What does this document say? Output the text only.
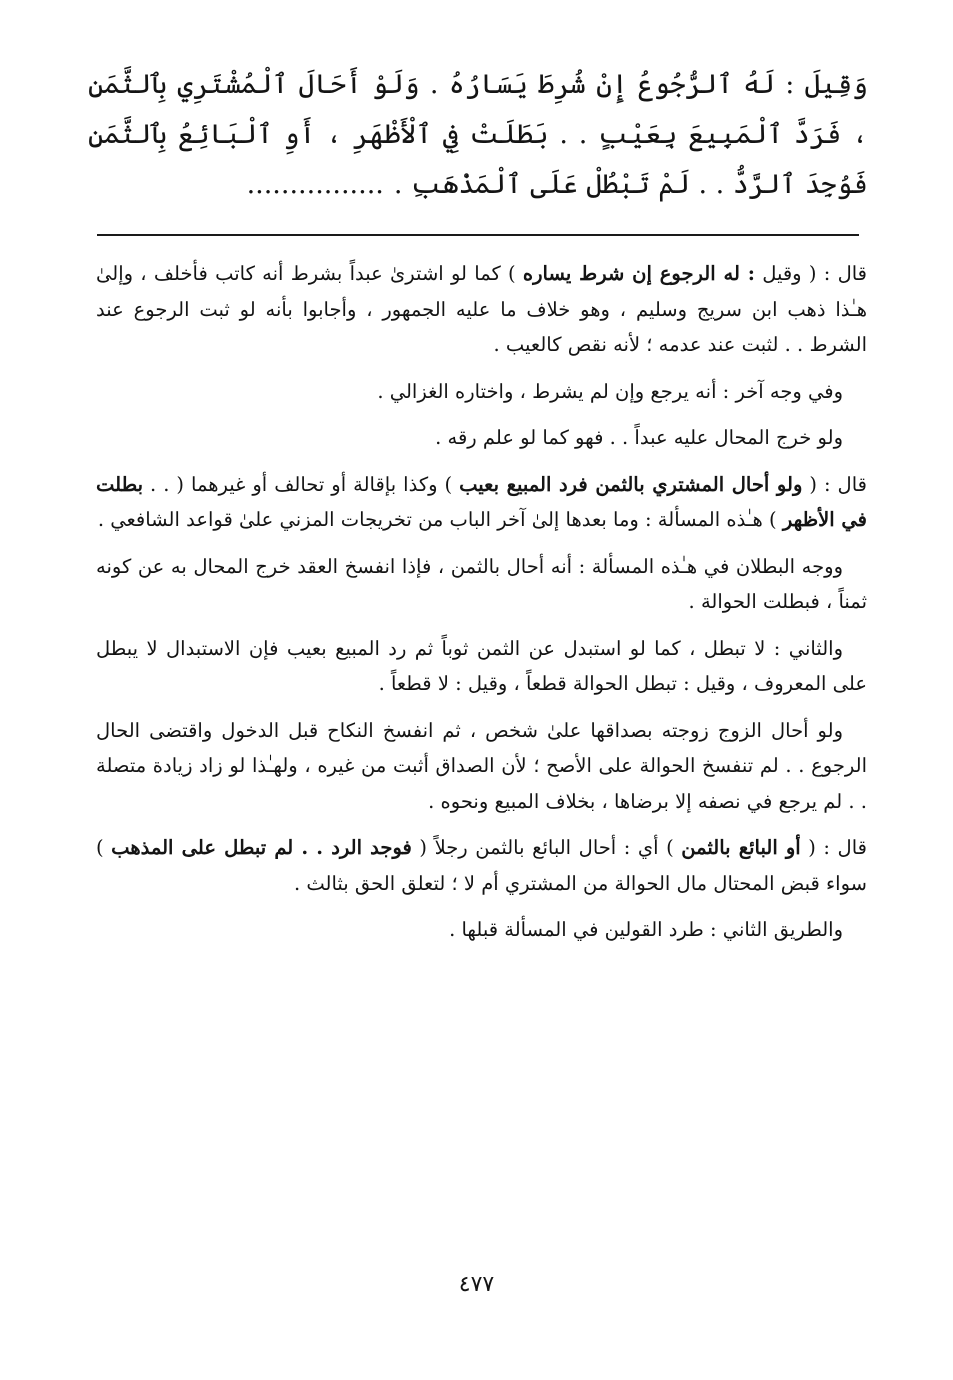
وَقِيلَ : لَهُ ٱلرُّجُوعُ إِنْ شُرِطَ يَسَارُهُ . وَلَوْ أَحَالَ ٱلْمُشْتَرِي بِٱلثَّمَنِ ، فَرَدَّ ٱلْمَبِيعَ بِعَيْبٍ . . بَطَلَتْ فِي ٱلْأَظْهَرِ ، أَوِ ٱلْبَائِعُ بِٱلثَّمَنِ فَوُجِدَ ٱلرَّدُّ . . لَمْ تَبْطُلْ عَلَى ٱلْمَذْهَبِ .................

قال : ( وقيل : له الرجوع إن شرط يساره ) كما لو اشترىٰ عبداً بشرط أنه كاتب فأخلف ، وإلىٰ هـٰذا ذهب ابن سريج وسليم ، وهو خلاف ما عليه الجمهور ، وأجابوا بأنه لو ثبت الرجوع عند الشرط . . لثبت عند عدمه ؛ لأنه نقص كالعيب .

وفي وجه آخر : أنه يرجع وإن لم يشرط ، واختاره الغزالي .

ولو خرج المحال عليه عبداً . . فهو كما لو علم رقه .

قال : ( ولو أحال المشتري بالثمن فرد المبيع بعيب ) وكذا بإقالة أو تحالف أو غيرهما ( . . بطلت في الأظهر ) هـٰذه المسألة : وما بعدها إلىٰ آخر الباب من تخريجات المزني علىٰ قواعد الشافعي .

ووجه البطلان في هـٰذه المسألة : أنه أحال بالثمن ، فإذا انفسخ العقد خرج المحال به عن كونه ثمناً ، فبطلت الحوالة .

والثاني : لا تبطل ، كما لو استبدل عن الثمن ثوباً ثم رد المبيع بعيب فإن الاستبدال لا يبطل على المعروف ، وقيل : تبطل الحوالة قطعاً ، وقيل : لا قطعاً .

ولو أحال الزوج زوجته بصداقها علىٰ شخص ، ثم انفسخ النكاح قبل الدخول واقتضى الحال الرجوع . . لم تنفسخ الحوالة على الأصح ؛ لأن الصداق أثبت من غيره ، ولهـٰذا لو زاد زيادة متصلة . . لم يرجع في نصفه إلا برضاها ، بخلاف المبيع ونحوه .

قال : ( أو البائع بالثمن ) أي : أحال البائع بالثمن رجلاً ( فوجد الرد . . لم تبطل على المذهب ) سواء قبض المحتال مال الحوالة من المشتري أم لا ؛ لتعلق الحق بثالث .

والطريق الثاني : طرد القولين في المسألة قبلها .

٤٧٧
